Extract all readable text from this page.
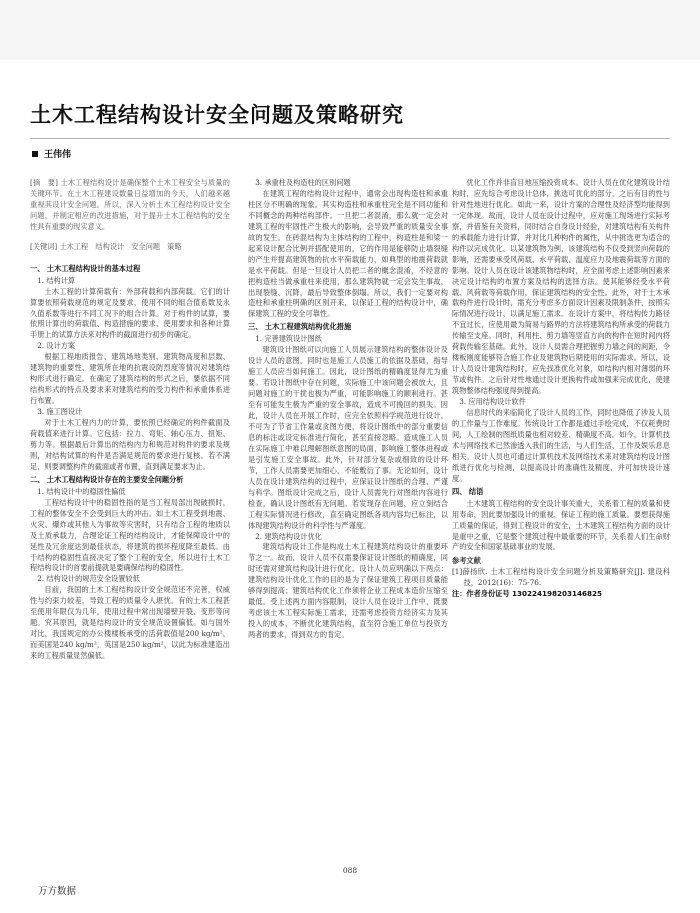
土木工程结构设计安全问题及策略研究
王伟伟

[摘　要] 土木工程结构设计是确保整个土木工程安全与质量的关键环节。在土木工程建设数量日益增加的今天，人们越来越重视其设计安全问题。所以，深入分析土木工程结构设计安全问题，并制定相应的改进措施，对于提升土木工程结构的安全性具有重要的现实意义。

[关键词] 土木工程　结构设计　安全问题　策略

一、 土木工程结构设计的基本过程

1. 结构计算

土木工程的计算荷载有：外部荷载和内部荷载。它们的计算要依照荷载规范的规定及要求，使用不同的组合值系数及永久值系数等进行不同工况下的组合计算。对于构件的试算，要依照计算出的荷载值、构造措施的要求、使用要求和各种计算手册上的试算方法来对构件的截面进行初步的确定。

2. 设计方案

根据工程地质报告、建筑场地类别、建筑物高度和层数、建筑物的重要性、建筑所在地的抗震设防烈度等情况对建筑结构形式进行确定。在确定了建筑结构的形式之后，要依据不同结构形式的特点及要求来对建筑结构的受力构件和承重体系进行布置。

3. 施工图设计

对于土木工程内力的计算，要依照已经确定的构件截面及荷载值来进行计算。它包括：拉力、弯矩、轴心压力、扭矩、剪力等。根据最后计算出的结构内力和规范对构件的要求及规则，对结构试算的构件是否满足规范的要求进行复核。若不满足，则要调整构件的截面或者布置，直到满足要求为止。

二、 土木工程结构设计存在的主要安全问题分析

1. 结构设计中的稳固性偏低

工程结构设计中的稳固性指的是当工程局部出现破损时，工程的整体安全不会受到巨大的冲击。如土木工程受到地震、火灾、爆炸或其他人为事故等灾害时，只有结合工程的地质以及土质承载力，合理论证工程的结构设计，才能保障设计中的延性及冗余度达到最佳状态，将建筑的损坏程度降至最低。由于结构的稳固性直接决定了整个工程的安全，所以进行土木工程结构设计的首要前提就是要确保结构的稳固性。

2. 结构设计的规范安全设置较低

目前，我国的土木工程结构设计安全规范还不完善，权威性与约束力较差，导致工程的质量令人堪忧。有的土木工程甚至使用年限仅为几年，使用过程中常出现墙壁开裂、变形等问题。究其原因，就是结构设计的安全规范设置偏低。如与国外对比，我国规定的办公楼楼板承受的活荷载值是200 kg/m²，而美国是240 kg/m²，英国是250 kg/m²，以此为标准建造出来的工程质量显然偏低。

3. 承重柱及构造柱的区别问题

在建筑工程的结构设计过程中，通常会出现构造柱和承重柱区分不明确的现象。其实构造柱和承重柱完全是不同功能和不同概念的两种结构部件。一旦把二者混淆，那么就一定会对建筑工程的牢固性产生极大的影响，会导致严重的质量安全事故的发生。在砖混结构为主体结构的工程中，构造柱是和梁一起来设计配合比例并搭配使用的，它的作用是能够防止墙裂缝的产生并提高建筑物的抗水平荷载能力，如典型的地震荷载就是水平荷载。但是一旦设计人员把二者的概念混淆，不经意的把构造柱当做承重柱来使用，那么建筑物就一定会发生事故，出现裂缝、沉降，最后导致整体倒塌。所以，我们一定要对构造柱和承重柱明确的区别开来，以保证工程的结构设计中，确保建筑工程的安全可靠性。

三、 土木工程建筑结构优化措施

1. 完善建筑设计图纸

建筑设计图纸可以向施工人员展示建筑结构的整体设计及设计人员的意图，同时也是施工人员施工的依据及基础，指导施工人员应当如何施工。因此，设计图纸的精确度显得尤为重要。若设计图纸中存在问题，实际施工中该问题会被放大，且问题对施工的干扰也极为严重，可能影响施工的顺利进行。甚至有可能发生极为严重的安全事故，造成不可挽回的损失。因此，设计人员在开展工作时，应完全依照科学规范进行设计，不可为了节省工作量或贪图方便，将设计图纸中的部分重要信息的标注或设定标准进行简化，甚至直接忽略。造成施工人员在实际施工中难以理解图纸意图的局面，影响施工整体进程或是引发施工安全事故。此外，针对部分复杂或细致的设计环节，工作人员需要更加细心，不能敷衍了事。无论如何，设计人员在设计建筑结构的过程中，应保证设计图纸的合理、严谨与科学。图纸设计完成之后，设计人员需先行对图纸内容进行检查，确认设计图纸有无问题。若发现存在问题，应立刻结合工程实际情况进行修改，直至确定图纸各项内容均已标注，以体现建筑结构设计的科学性与严谨度。

2. 建筑结构设计优化

建筑结构设计工作是构成土木工程建筑结构设计的重要环节之一。故而，设计人员不仅需要保证设计图纸的精确度，同时还需对建筑结构设计进行优化。设计人员应明确以下两点：建筑结构设计优化工作的目的是为了保证建筑工程项目质量能够得到提高；建筑结构优化工作须将企业工程成本造价压缩至最低。受上述两方面内容限制，设计人员在设计工作中，既要考虑该土木工程实际施工需求，还需考虑投资方经济实力及其投入的成本，不断优化建筑结构，直至符合施工单位与投资方两者的要求，得到双方的肯定。

优化工作并非盲目地压缩投资成本。设计人员在优化建筑设计结构时，应先综合考虑设计总体，挑选可优化的部分，之后有目的性与针对性地进行优化。如此一来，设计方案的合理性及经济型均能得到一定体现。故而，设计人员在设计过程中，应对施工现场进行实际考察，并借鉴有关资料，同时结合自身设计经验，对建筑结构有关构件的承载能力进行计算，并对比几种构件的属性，从中挑选更为适合的构件以完成优化。以某建筑物为例，该建筑结构不仅受到竖向荷载的影响，还需要承受风荷载、水平荷载、温度应力及地震荷载等方面的影响。设计人员在设计该建筑物结构时，应全面考虑上述影响因素来决定设计结构的布置方案及结构的选择方法。使其能够经受水平荷载、风荷载等荷载作用，保证建筑结构的安全性。此外，对于土木承载构件进行设计时，需充分考虑多方面设计因素及限制条件，按照实际情况进行设计，以满足施工需求。在设计方案中，将结构传力路径不宜过长，应使用最为简易与路界的方法将建筑结构所承受的荷载力传输至支座。同时，利用柱、剪力墙等竖直方向的构件在短时间内将荷载传输至基础。此外，设计人员需合理把握剪力墙之间的间距，令楼板刚度能够符合施工作业及建筑物后期使用的实际需求。所以，设计人员设计建筑结构时，应先找准优化对象，如结构内相对薄弱的环节或构件。之后针对性地通过设计更换构件或加强来完成优化，使建筑物整体结构强度得到提高。

3. 应用结构设计软件

信息时代的来临简化了设计人员的工作，同时也降低了涉及人员的工作量与工作难度。传统设计工作都是通过手绘完成，不仅耗费时间，人工绘制的图纸质量也相对较差、精确度不高。如今，计算机技术与网络技术已然渗透入我们的生活，与人们生活、工作及娱乐息息相关。设计人员也可通过计算机技术及网络技术来对建筑结构设计图纸进行优化与检测，以提高设计的准确性及精度，并可加快设计速度。

四、 结语

土木建筑工程结构的安全设计事关重大，关系着工程的质量和使用寿命，因此要加强设计的重视，保证工程的施工质量。要想获得施工质量的保证，得到工程设计的安全，土木建筑工程结构方面的设计是重中之重，它是整个建筑过程中最重要的环节，关系着人们生命财产的安全和国家基础事业的发展。

参考文献

[1]薛扬欣. 土木工程结构设计安全问题分析及策略研究[J]. 建设科技，2012(16)：75-76.

注：作者身份证号 130224198203146825

088
万方数据
